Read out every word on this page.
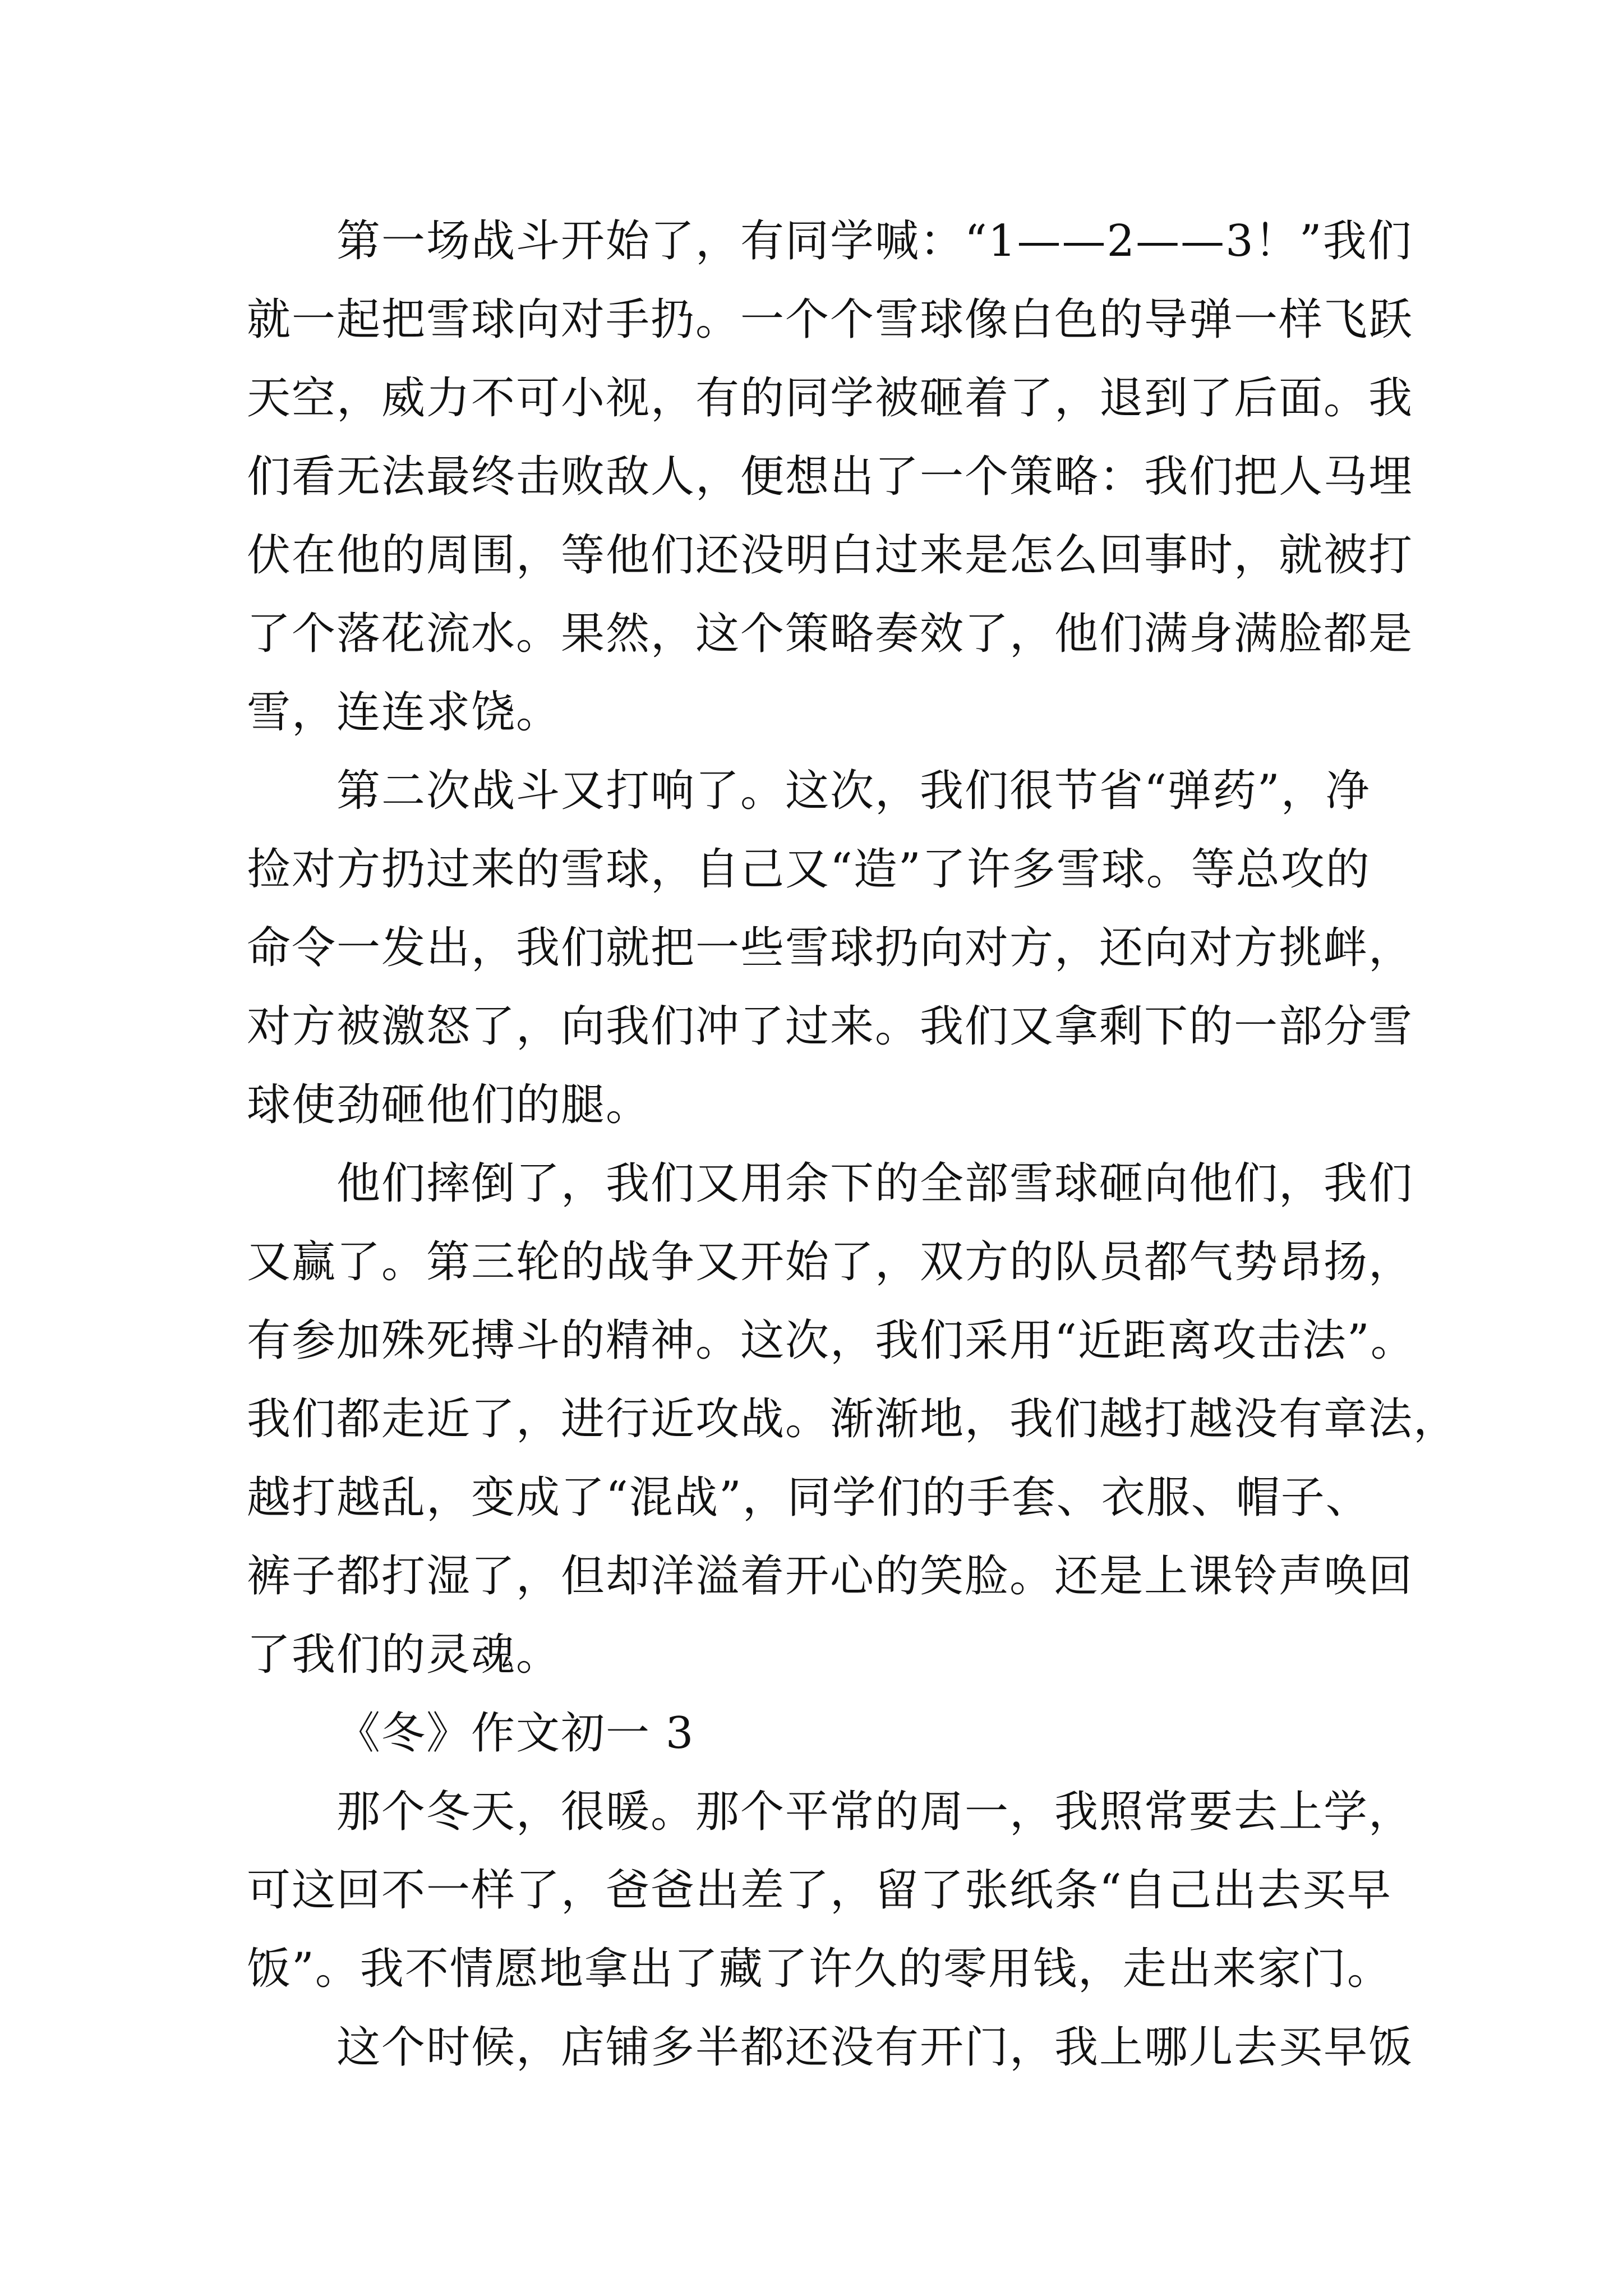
第一场战斗开始了，有同学喊：“1——2——3！”我们
就一起把雪球向对手扔。一个个雪球像白色的导弹一样飞跃
天空，威力不可小视，有的同学被砸着了，退到了后面。我
们看无法最终击败敌人，便想出了一个策略：我们把人马埋
伏在他的周围，等他们还没明白过来是怎么回事时，就被打
了个落花流水。果然，这个策略奏效了，他们满身满脸都是
雪，连连求饶。
第二次战斗又打响了。这次，我们很节省“弹药”，净
捡对方扔过来的雪球，自己又“造”了许多雪球。等总攻的
命令一发出，我们就把一些雪球扔向对方，还向对方挑衅，
对方被激怒了，向我们冲了过来。我们又拿剩下的一部分雪
球使劲砸他们的腿。
他们摔倒了，我们又用余下的全部雪球砸向他们，我们
又赢了。第三轮的战争又开始了，双方的队员都气势昂扬，
有参加殊死搏斗的精神。这次，我们采用“近距离攻击法”。
我们都走近了，进行近攻战。渐渐地，我们越打越没有章法，
越打越乱，变成了“混战”，同学们的手套、衣服、帽子、
裤子都打湿了，但却洋溢着开心的笑脸。还是上课铃声唤回
了我们的灵魂。
《冬》作文初一 3
那个冬天，很暖。那个平常的周一，我照常要去上学，
可这回不一样了，爸爸出差了，留了张纸条“自己出去买早
饭”。我不情愿地拿出了藏了许久的零用钱，走出来家门。
这个时候，店铺多半都还没有开门，我上哪儿去买早饭
